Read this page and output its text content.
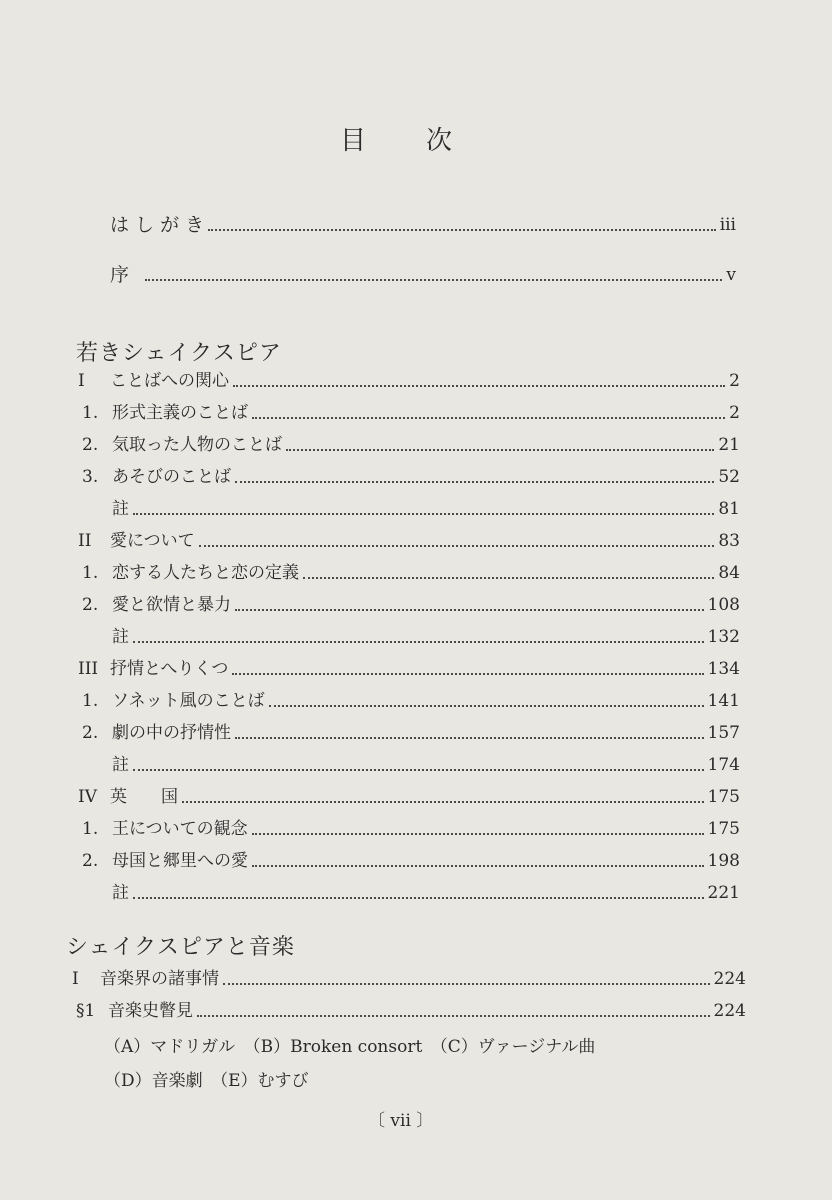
目 次
は し が き	iii
序	v
若きシェイクスピア
I	ことばへの関心	2
1. 形式主義のことば	2
2. 気取った人物のことば	21
3. あそびのことば	52
註	81
II	愛について	83
1. 恋する人たちと恋の定義	84
2. 愛と欲情と暴力	108
註	132
III 抒情とへりくつ	134
1. ソネット風のことば	141
2. 劇の中の抒情性	157
註	174
IV 英　　国	175
1. 王についての観念	175
2. 母国と郷里への愛	198
註	221
シェイクスピアと音楽
I	音楽界の諸事情	224
§1 音楽史瞥見	224
（A）マドリガル　（B）Broken consort　（C）ヴァージナル曲
（D）音楽劇　（E）むすび
〔 vii 〕
